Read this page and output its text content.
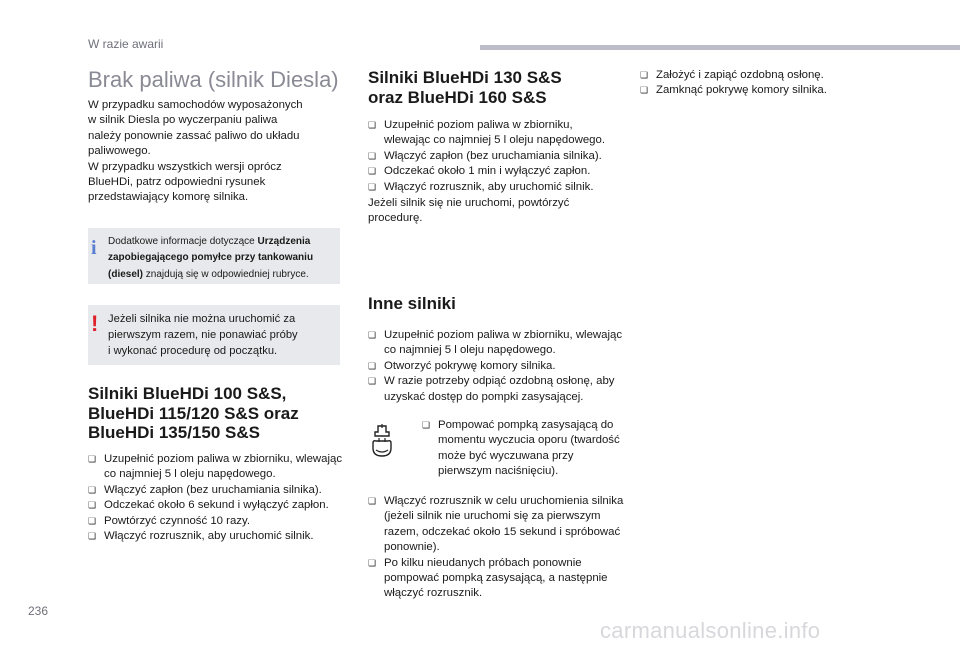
W razie awarii
Brak paliwa (silnik Diesla)
W przypadku samochodów wyposażonych
w silnik Diesla po wyczerpaniu paliwa
należy ponownie zassać paliwo do układu
paliwowego.
W przypadku wszystkich wersji oprócz
BlueHDi, patrz odpowiedni rysunek
przedstawiający komorę silnika.
i Dodatkowe informacje dotyczące Urządzenia zapobiegającego pomyłce przy tankowaniu (diesel) znajdują się w odpowiedniej rubryce.
! Jeżeli silnika nie można uruchomić za
pierwszym razem, nie ponawiać próby
i wykonać procedurę od początku.
Silniki BlueHDi 100 S&S,
BlueHDi 115/120 S&S oraz
BlueHDi 135/150 S&S
❏ Uzupełnić poziom paliwa w zbiorniku, wlewając co najmniej 5 l oleju napędowego.
❏ Włączyć zapłon (bez uruchamiania silnika).
❏ Odczekać około 6 sekund i wyłączyć zapłon.
❏ Powtórzyć czynność 10 razy.
❏ Włączyć rozrusznik, aby uruchomić silnik.
Silniki BlueHDi 130 S&S
oraz BlueHDi 160 S&S
❏ Uzupełnić poziom paliwa w zbiorniku, wlewając co najmniej 5 l oleju napędowego.
❏ Włączyć zapłon (bez uruchamiania silnika).
❏ Odczekać około 1 min i wyłączyć zapłon.
❏ Włączyć rozrusznik, aby uruchomić silnik.
Jeżeli silnik się nie uruchomi, powtórzyć
procedurę.
Inne silniki
❏ Uzupełnić poziom paliwa w zbiorniku, wlewając co najmniej 5 l oleju napędowego.
❏ Otworzyć pokrywę komory silnika.
❏ W razie potrzeby odpiąć ozdobną osłonę, aby uzyskać dostęp do pompki zasysającej.
❏ Pompować pompką zasysającą do momentu wyczucia oporu (twardość może być wyczuwana przy pierwszym naciśnięciu).
❏ Włączyć rozrusznik w celu uruchomienia silnika (jeżeli silnik nie uruchomi się za pierwszym razem, odczekać około 15 sekund i spróbować ponownie).
❏ Po kilku nieudanych próbach ponownie pompować pompką zasysającą, a następnie włączyć rozrusznik.
❏ Założyć i zapiąć ozdobną osłonę.
❏ Zamknąć pokrywę komory silnika.
236
carmanualsonline.info
